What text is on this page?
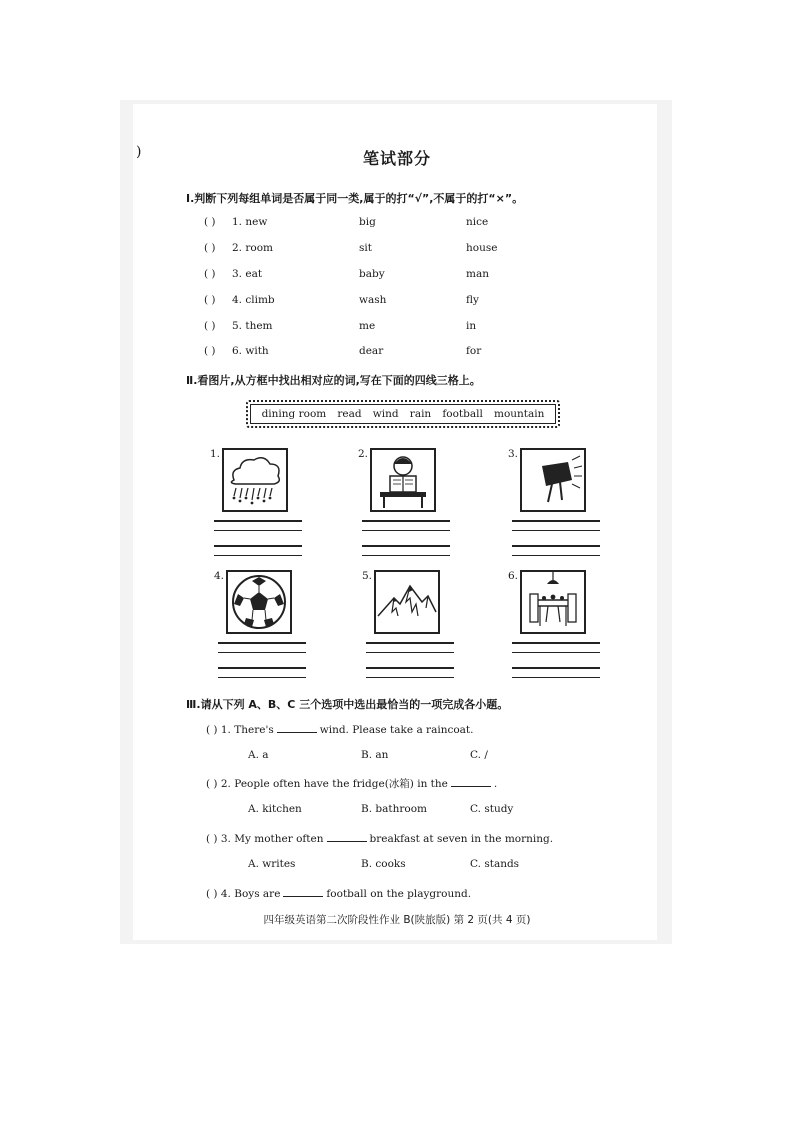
)	笔试部分
Ⅰ.判断下列每组单词是否属于同一类,属于的打“√”,不属于的打“×”。
( ) 1. new	big	nice
( ) 2. room	sit	house
( ) 3. eat	baby	man
( ) 4. climb	wash	fly
( ) 5. them	me	in
( ) 6. with	dear	for
Ⅱ.看图片,从方框中找出相对应的词,写在下面的四线三格上。
dining room read wind rain football mountain
1.	2.	3.
4.	5.	6.
Ⅲ.请从下列 A、B、C 三个选项中选出最恰当的一项完成各小题。
( ) 1. There's	wind. Please take a raincoat.
A. a	B. an	C. /
( ) 2. People often have the fridge(冰箱) in the	.
A. kitchen	B. bathroom	C. study
( ) 3. My mother often	breakfast at seven in the morning.
A. writes	B. cooks	C. stands
( ) 4. Boys are	football on the playground.
四年级英语第二次阶段性作业 B(陕旅版) 第 2 页(共 4 页)
